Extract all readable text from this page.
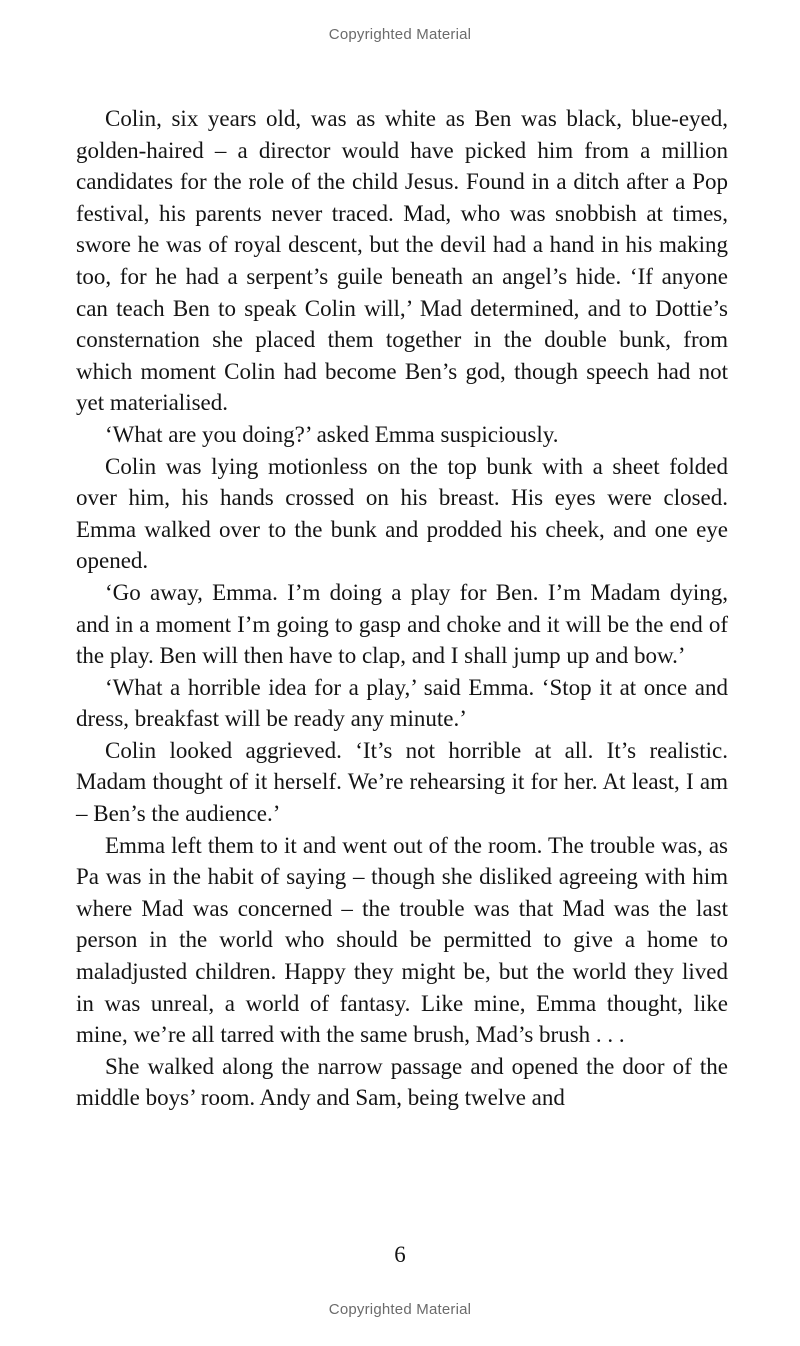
Copyrighted Material

Colin, six years old, was as white as Ben was black, blue-eyed, golden-haired – a director would have picked him from a million candidates for the role of the child Jesus. Found in a ditch after a Pop festival, his parents never traced. Mad, who was snobbish at times, swore he was of royal descent, but the devil had a hand in his making too, for he had a serpent’s guile beneath an angel’s hide. ‘If anyone can teach Ben to speak Colin will,’ Mad determined, and to Dottie’s consternation she placed them together in the double bunk, from which moment Colin had become Ben’s god, though speech had not yet materialised.

‘What are you doing?’ asked Emma suspiciously.

Colin was lying motionless on the top bunk with a sheet folded over him, his hands crossed on his breast. His eyes were closed. Emma walked over to the bunk and prodded his cheek, and one eye opened.

‘Go away, Emma. I’m doing a play for Ben. I’m Madam dying, and in a moment I’m going to gasp and choke and it will be the end of the play. Ben will then have to clap, and I shall jump up and bow.’

‘What a horrible idea for a play,’ said Emma. ‘Stop it at once and dress, breakfast will be ready any minute.’

Colin looked aggrieved. ‘It’s not horrible at all. It’s realistic. Madam thought of it herself. We’re rehearsing it for her. At least, I am – Ben’s the audience.’

Emma left them to it and went out of the room. The trouble was, as Pa was in the habit of saying – though she disliked agreeing with him where Mad was concerned – the trouble was that Mad was the last person in the world who should be permitted to give a home to maladjusted children. Happy they might be, but the world they lived in was unreal, a world of fantasy. Like mine, Emma thought, like mine, we’re all tarred with the same brush, Mad’s brush . . .

She walked along the narrow passage and opened the door of the middle boys’ room. Andy and Sam, being twelve and

6
Copyrighted Material
